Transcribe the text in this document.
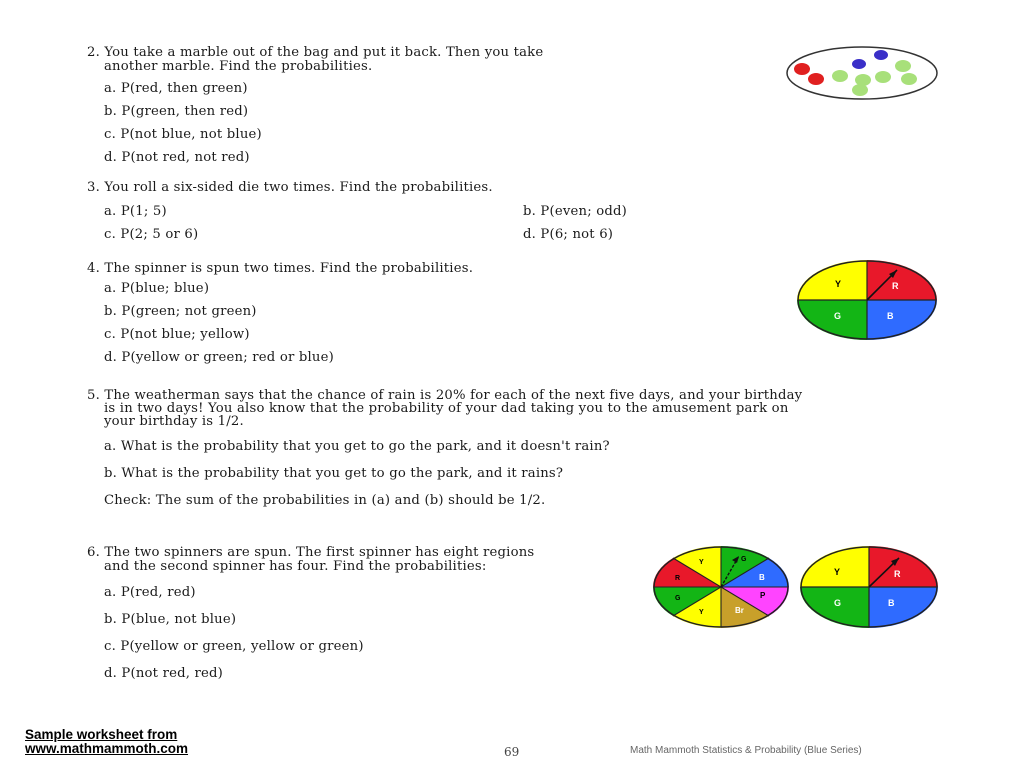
2. You take a marble out of the bag and put it back. Then you take
another marble. Find the probabilities.
a. P(red, then green)
b. P(green, then red)
c. P(not blue, not blue)
d. P(not red, not red)
3. You roll a six-sided die two times. Find the probabilities.
a. P(1; 5)	b. P(even; odd)
c. P(2; 5 or 6)	d. P(6; not 6)
4. The spinner is spun two times. Find the probabilities.
a. P(blue; blue)
b. P(green; not green)
c. P(not blue; yellow)
d. P(yellow or green; red or blue)
Y	R
G	B
5. The weatherman says that the chance of rain is 20% for each of the next five days, and your birthday
is in two days! You also know that the probability of your dad taking you to the amusement park on
your birthday is 1/2.
a. What is the probability that you get to go the park, and it doesn't rain?
b. What is the probability that you get to go the park, and it rains?
Check: The sum of the probabilities in (a) and (b) should be 1/2.
6. The two spinners are spun. The first spinner has eight regions
and the second spinner has four. Find the probabilities:
a. P(red, red)
b. P(blue, not blue)
c. P(yellow or green, yellow or green)
d. P(not red, red)
Y	G
B
P
Br
Y
G
R
Y	R
G	B
Sample worksheet from
www.mathmammoth.com	69	Math Mammoth Statistics & Probability (Blue Series)
